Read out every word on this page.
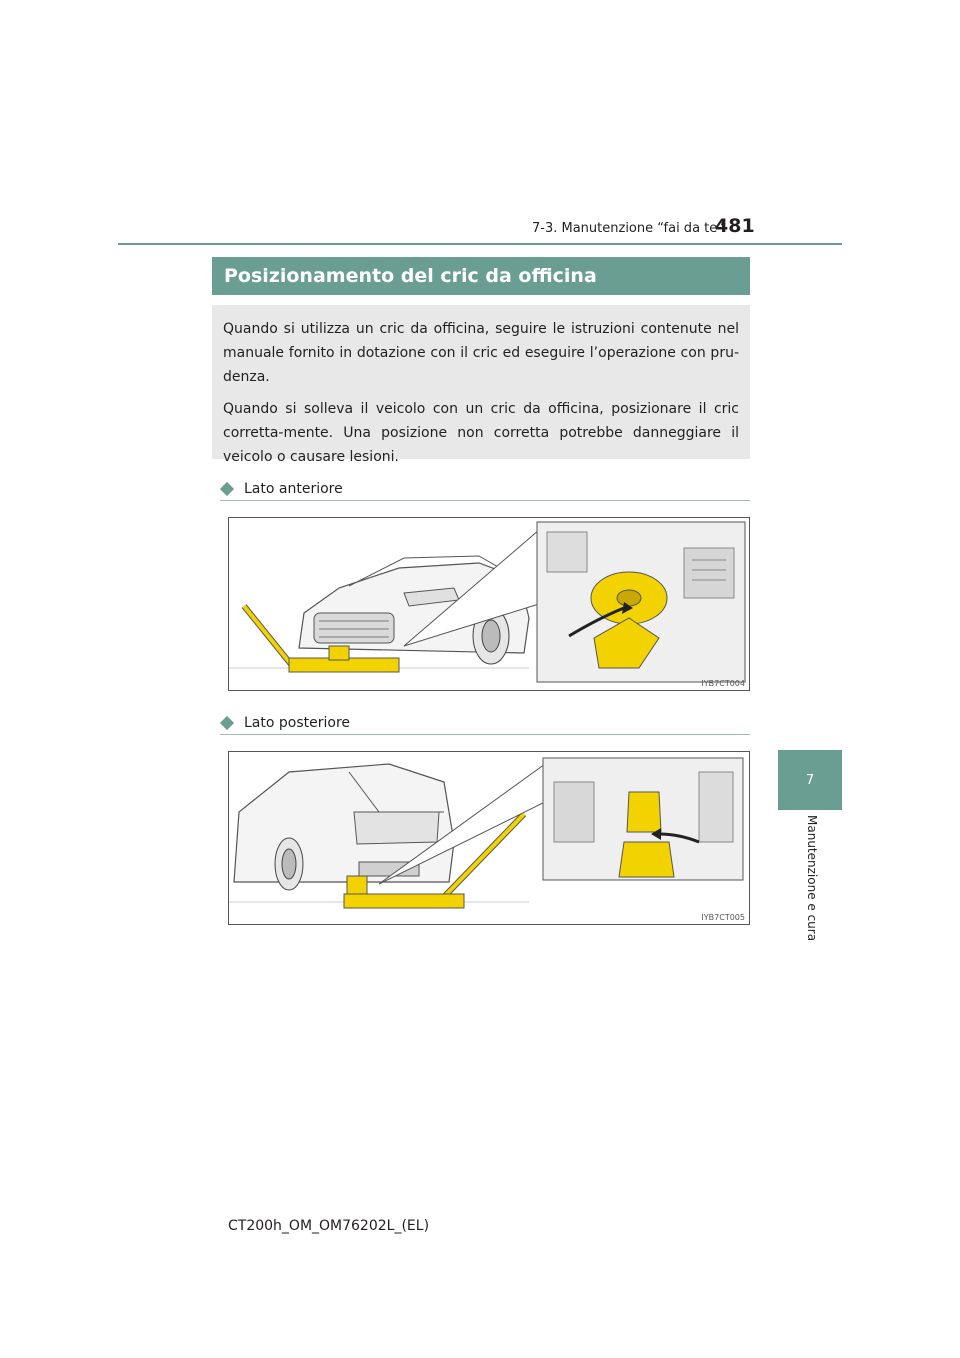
7-3. Manutenzione “fai da te”
481
7
Manutenzione e cura
Posizionamento del cric da officina

Quando si utilizza un cric da officina, seguire le istruzioni contenute nel manuale fornito in dotazione con il cric ed eseguire l’operazione con pru-denza.

Quando si solleva il veicolo con un cric da officina, posizionare il cric corretta-mente. Una posizione non corretta potrebbe danneggiare il veicolo o causare lesioni.

Lato anteriore
IYB7CT004
Lato posteriore
IYB7CT005
CT200h_OM_OM76202L_(EL)
